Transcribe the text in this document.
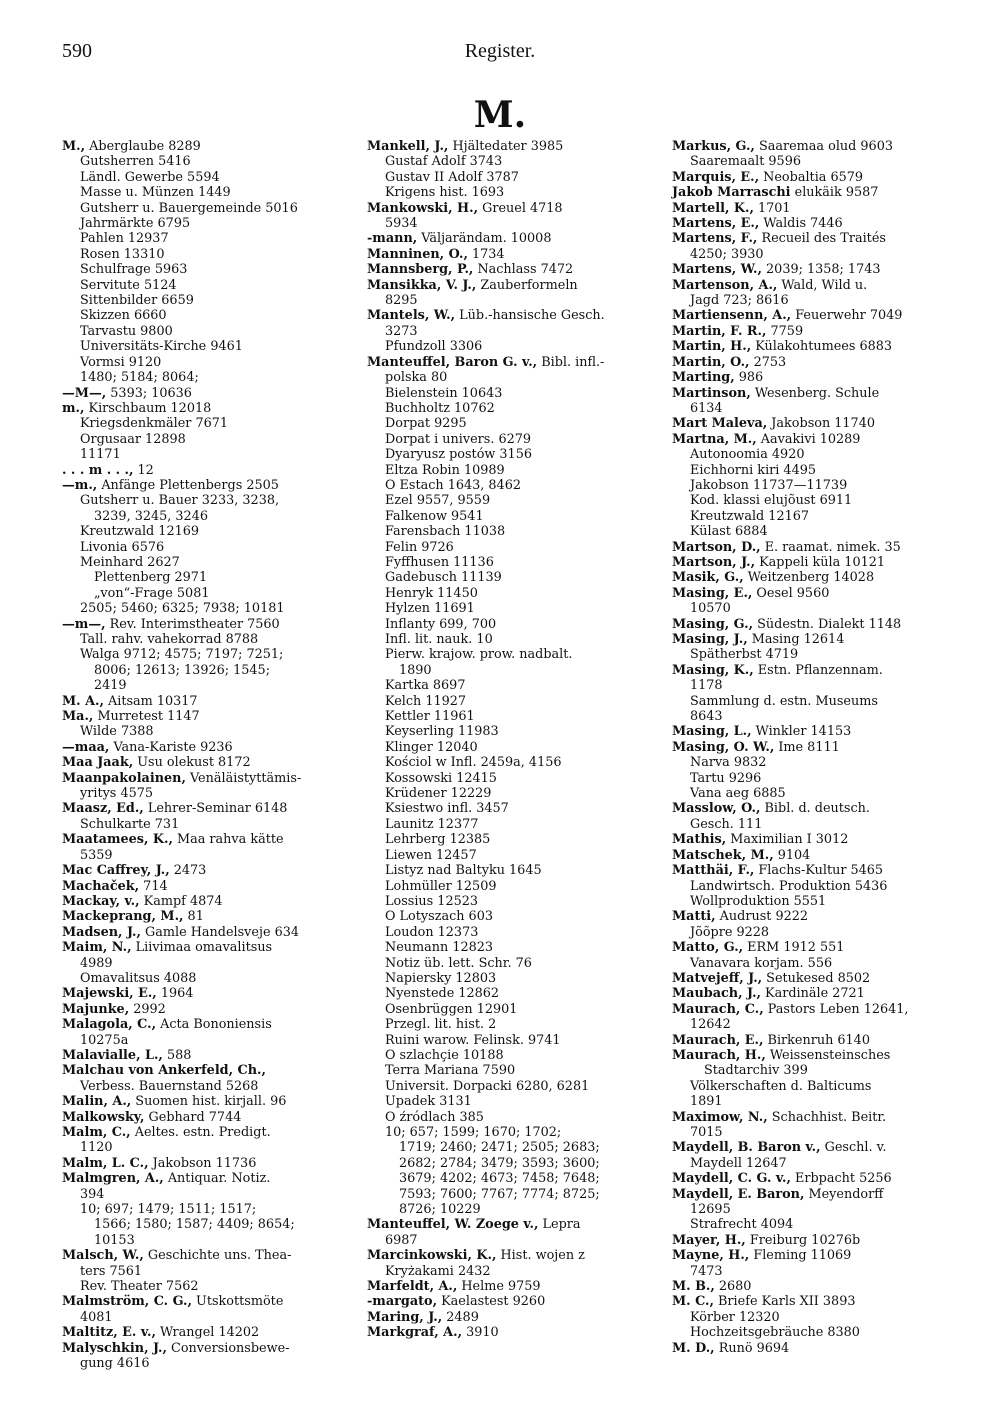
590	Register.
M.
M., Aberglaube 8289
Gutsherren 5416
Ländl. Gewerbe 5594
Masse u. Münzen 1449
Gutsherr u. Bauergemeinde 5016
Jahrmärkte 6795
Pahlen 12937
Rosen 13310
Schulfrage 5963
Servitute 5124
Sittenbilder 6659
Skizzen 6660
Tarvastu 9800
Universitäts-Kirche 9461
Vormsi 9120
1480; 5184; 8064;
—M—, 5393; 10636
m., Kirschbaum 12018
Kriegsdenkmäler 7671
Orgusaar 12898
11171
. . . m . . ., 12
—m., Anfänge Plettenbergs 2505
Gutsherr u. Bauer 3233, 3238,
3239, 3245, 3246
Kreutzwald 12169
Livonia 6576
Meinhard 2627
Plettenberg 2971
„von“-Frage 5081
2505; 5460; 6325; 7938; 10181
—m—, Rev. Interimstheater 7560
Tall. rahv. vahekorrad 8788
Walga 9712; 4575; 7197; 7251;
8006; 12613; 13926; 1545;
2419
M. A., Aitsam 10317
Ma., Murretest 1147
Wilde 7388
—maa, Vana-Kariste 9236
Maa Jaak, Usu olekust 8172
Maanpakolainen, Venäläistyttämis-
yritys 4575
Maasz, Ed., Lehrer-Seminar 6148
Schulkarte 731
Maatamees, K., Maa rahva kätte
5359
Mac Caffrey, J., 2473
Machaček, 714
Mackay, v., Kampf 4874
Mackeprang, M., 81
Madsen, J., Gamle Handelsveje 634
Maim, N., Liivimaa omavalitsus
4989
Omavalitsus 4088
Majewski, E., 1964
Majunke, 2992
Malagola, C., Acta Bononiensis
10275a
Malavialle, L., 588
Malchau von Ankerfeld, Ch.,
Verbess. Bauernstand 5268
Malin, A., Suomen hist. kirjall. 96
Malkowsky, Gebhard 7744
Malm, C., Aeltes. estn. Predigt.
1120
Malm, L. C., Jakobson 11736
Malmgren, A., Antiquar. Notiz.
394
10; 697; 1479; 1511; 1517;
1566; 1580; 1587; 4409; 8654;
10153
Malsch, W., Geschichte uns. Thea-
ters 7561
Rev. Theater 7562
Malmström, C. G., Utskottsmöte
4081
Maltitz, E. v., Wrangel 14202
Malyschkin, J., Conversionsbewe-
gung 4616
Mankell, J., Hjältedater 3985
Gustaf Adolf 3743
Gustav II Adolf 3787
Krigens hist. 1693
Mankowski, H., Greuel 4718
5934
-mann, Väljarändam. 10008
Manninen, O., 1734
Mannsberg, P., Nachlass 7472
Mansikka, V. J., Zauberformeln
8295
Mantels, W., Lüb.-hansische Gesch.
3273
Pfundzoll 3306
Manteuffel, Baron G. v., Bibl. infl.-
polska 80
Bielenstein 10643
Buchholtz 10762
Dorpat 9295
Dorpat i univers. 6279
Dyaryusz postów 3156
Eltza Robin 10989
O Estach 1643, 8462
Ezel 9557, 9559
Falkenow 9541
Farensbach 11038
Felin 9726
Fyffhusen 11136
Gadebusch 11139
Henryk 11450
Hylzen 11691
Inflanty 699, 700
Infl. lit. nauk. 10
Pierw. krajow. prow. nadbalt.
1890
Kartka 8697
Kelch 11927
Kettler 11961
Keyserling 11983
Klinger 12040
Kościol w Infl. 2459a, 4156
Kossowski 12415
Krüdener 12229
Ksiestwo infl. 3457
Launitz 12377
Lehrberg 12385
Liewen 12457
Listyz nad Baltyku 1645
Lohmüller 12509
Lossius 12523
O Lotyszach 603
Loudon 12373
Neumann 12823
Notiz üb. lett. Schr. 76
Napiersky 12803
Nyenstede 12862
Osenbrüggen 12901
Przegl. lit. hist. 2
Ruini warow. Felinsk. 9741
O szlachçie 10188
Terra Mariana 7590
Universit. Dorpacki 6280, 6281
Upadek 3131
O źródlach 385
10; 657; 1599; 1670; 1702;
1719; 2460; 2471; 2505; 2683;
2682; 2784; 3479; 3593; 3600;
3679; 4202; 4673; 7458; 7648;
7593; 7600; 7767; 7774; 8725;
8726; 10229
Manteuffel, W. Zoege v., Lepra
6987
Marcinkowski, K., Hist. wojen z
Kryżakami 2432
Marfeldt, A., Helme 9759
-margato, Kaelastest 9260
Maring, J., 2489
Markgraf, A., 3910
Markus, G., Saaremaa olud 9603
Saaremaalt 9596
Marquis, E., Neobaltia 6579
Jakob Marraschi elukäik 9587
Martell, K., 1701
Martens, E., Waldis 7446
Martens, F., Recueil des Traités
4250; 3930
Martens, W., 2039; 1358; 1743
Martenson, A., Wald, Wild u.
Jagd 723; 8616
Martiensenn, A., Feuerwehr 7049
Martin, F. R., 7759
Martin, H., Külakohtumees 6883
Martin, O., 2753
Marting, 986
Martinson, Wesenberg. Schule
6134
Mart Maleva, Jakobson 11740
Martna, M., Aavakivi 10289
Autonoomia 4920
Eichhorni kiri 4495
Jakobson 11737—11739
Kod. klassi elujõust 6911
Kreutzwald 12167
Külast 6884
Martson, D., E. raamat. nimek. 35
Martson, J., Kappeli küla 10121
Masik, G., Weitzenberg 14028
Masing, E., Oesel 9560
10570
Masing, G., Südestn. Dialekt 1148
Masing, J., Masing 12614
Spätherbst 4719
Masing, K., Estn. Pflanzennam.
1178
Sammlung d. estn. Museums
8643
Masing, L., Winkler 14153
Masing, O. W., Ime 8111
Narva 9832
Tartu 9296
Vana aeg 6885
Masslow, O., Bibl. d. deutsch.
Gesch. 111
Mathis, Maximilian I 3012
Matschek, M., 9104
Matthäi, F., Flachs-Kultur 5465
Landwirtsch. Produktion 5436
Wollproduktion 5551
Matti, Audrust 9222
Jõõpre 9228
Matto, G., ERM 1912 551
Vanavara korjam. 556
Matvejeff, J., Setukesed 8502
Maubach, J., Kardinäle 2721
Maurach, C., Pastors Leben 12641,
12642
Maurach, E., Birkenruh 6140
Maurach, H., Weissensteinsches
Stadtarchiv 399
Völkerschaften d. Balticums
1891
Maximow, N., Schachhist. Beitr.
7015
Maydell, B. Baron v., Geschl. v.
Maydell 12647
Maydell, C. G. v., Erbpacht 5256
Maydell, E. Baron, Meyendorff
12695
Strafrecht 4094
Mayer, H., Freiburg 10276b
Mayne, H., Fleming 11069
7473
M. B., 2680
M. C., Briefe Karls XII 3893
Körber 12320
Hochzeitsgebräuche 8380
M. D., Runö 9694
